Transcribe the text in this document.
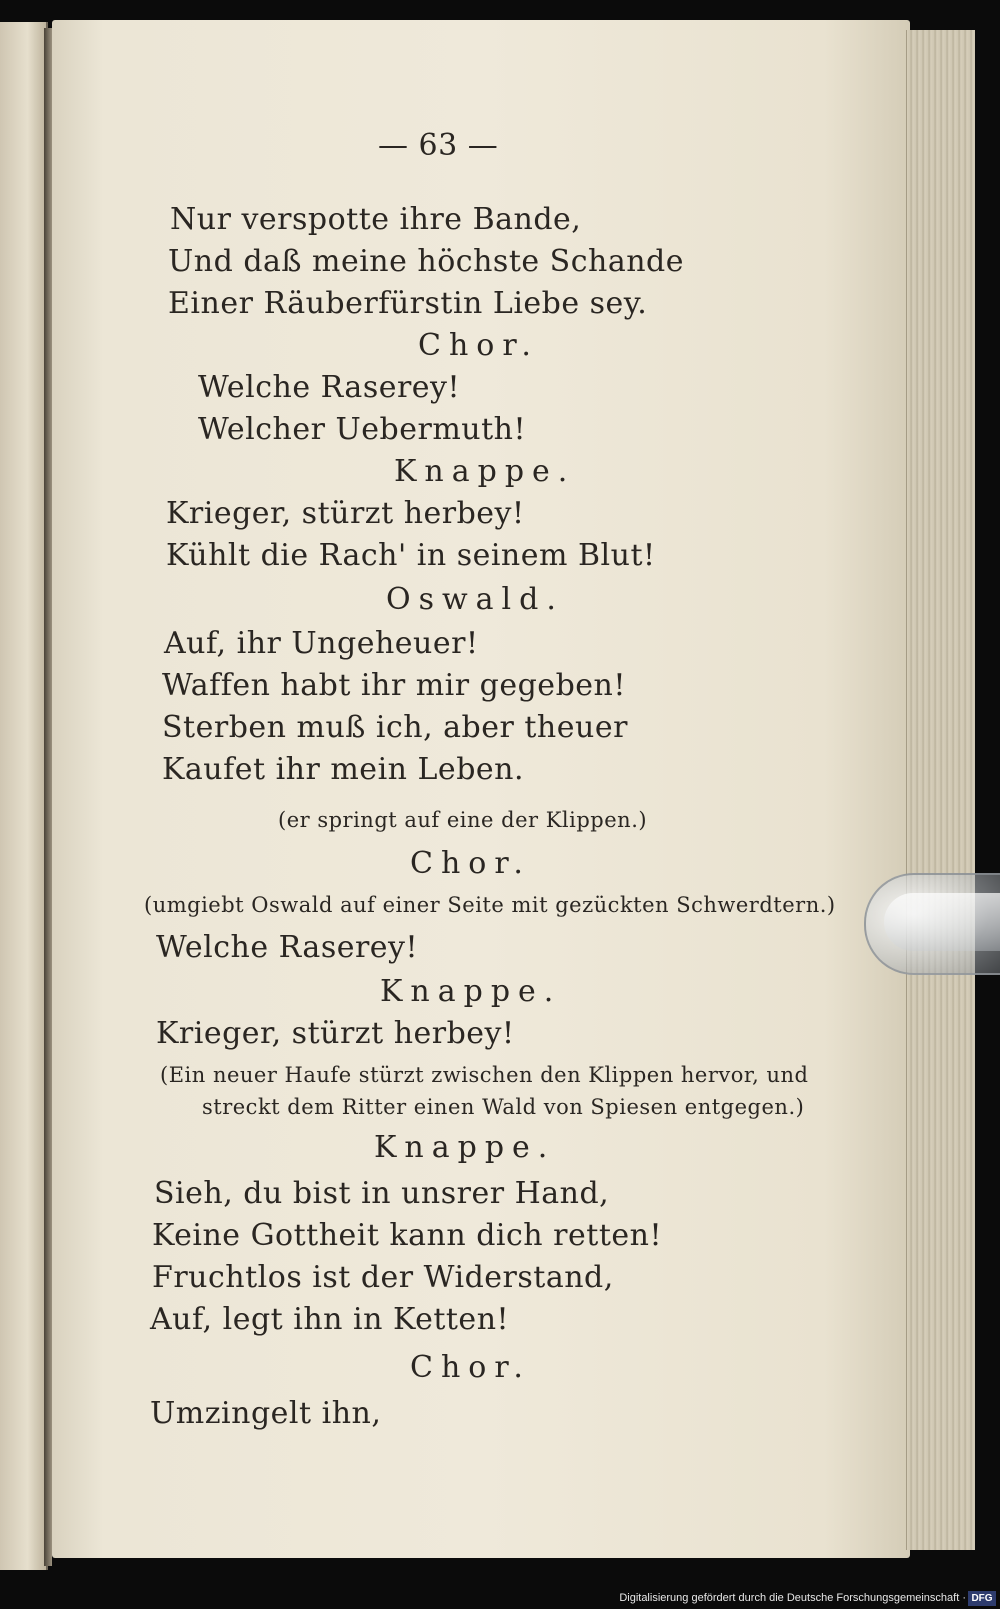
— 63 —
Nur verspotte ihre Bande,
Und daß meine höchste Schande
Einer Räuberfürstin Liebe sey.
Chor.
Welche Raserey!
Welcher Uebermuth!
Knappe.
Krieger, stürzt herbey!
Kühlt die Rach' in seinem Blut!
Oswald.
Auf, ihr Ungeheuer!
Waffen habt ihr mir gegeben!
Sterben muß ich, aber theuer
Kaufet ihr mein Leben.
(er springt auf eine der Klippen.)
Chor.
(umgiebt Oswald auf einer Seite mit gezückten Schwerdtern.)
Welche Raserey!
Knappe.
Krieger, stürzt herbey!
(Ein neuer Haufe stürzt zwischen den Klippen hervor, und
streckt dem Ritter einen Wald von Spiesen entgegen.)
Knappe.
Sieh, du bist in unsrer Hand,
Keine Gottheit kann dich retten!
Fruchtlos ist der Widerstand,
Auf, legt ihn in Ketten!
Chor.
Umzingelt ihn,
Digitalisierung gefördert durch die Deutsche Forschungsgemeinschaft · DFG
